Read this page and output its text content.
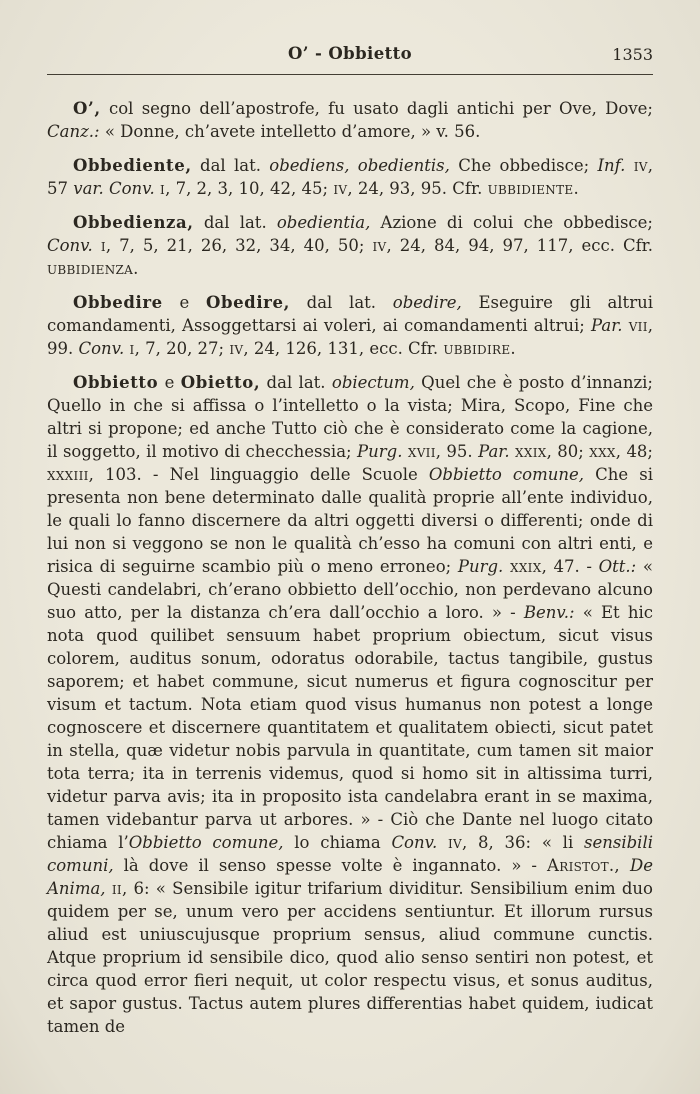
O’ - Obbietto	1353

O’, col segno dell’apostrofe, fu usato dagli antichi per Ove, Dove; Canz.: « Donne, ch’avete intelletto d’amore, » v. 56.

Obbediente, dal lat. obediens, obedientis, Che obbedisce; Inf. iv, 57 var. Conv. i, 7, 2, 3, 10, 42, 45; iv, 24, 93, 95. Cfr. ubbidiente.

Obbedienza, dal lat. obedientia, Azione di colui che obbedisce; Conv. i, 7, 5, 21, 26, 32, 34, 40, 50; iv, 24, 84, 94, 97, 117, ecc. Cfr. ubbidienza.

Obbedire e Obedire, dal lat. obedire, Eseguire gli altrui comandamenti, Assoggettarsi ai voleri, ai comandamenti altrui; Par. vii, 99. Conv. i, 7, 20, 27; iv, 24, 126, 131, ecc. Cfr. ubbidire.

Obbietto e Obietto, dal lat. obiectum, Quel che è posto d’innanzi; Quello in che si affissa o l’intelletto o la vista; Mira, Scopo, Fine che altri si propone; ed anche Tutto ciò che è considerato come la cagione, il soggetto, il motivo di checchessia; Purg. xvii, 95. Par. xxix, 80; xxx, 48; xxxiii, 103. - Nel linguaggio delle Scuole Obbietto comune, Che si presenta non bene determinato dalle qualità proprie all’ente individuo, le quali lo fanno discernere da altri oggetti diversi o differenti; onde di lui non si veggono se non le qualità ch’esso ha comuni con altri enti, e risica di seguirne scambio più o meno erroneo; Purg. xxix, 47. - Ott.: « Questi candelabri, ch’erano obbietto dell’occhio, non perdevano alcuno suo atto, per la distanza ch’era dall’occhio a loro. » - Benv.: « Et hic nota quod quilibet sensuum habet proprium obiectum, sicut visus colorem, auditus sonum, odoratus odorabile, tactus tangibile, gustus saporem; et habet commune, sicut numerus et figura cognoscitur per visum et tactum. Nota etiam quod visus humanus non potest a longe cognoscere et discernere quantitatem et qualitatem obiecti, sicut patet in stella, quæ videtur nobis parvula in quantitate, cum tamen sit maior tota terra; ita in terrenis videmus, quod si homo sit in altissima turri, videtur parva avis; ita in proposito ista candelabra erant in se maxima, tamen videbantur parva ut arbores. » - Ciò che Dante nel luogo citato chiama l’Obbietto comune, lo chiama Conv. iv, 8, 36: « li sensibili comuni, là dove il senso spesse volte è ingannato. » - Aristot., De Anima, ii, 6: « Sensibile igitur trifarium dividitur. Sensibilium enim duo quidem per se, unum vero per accidens sentiuntur. Et illorum rursus aliud est uniuscujusque proprium sensus, aliud commune cunctis. Atque proprium id sensibile dico, quod alio senso sentiri non potest, et circa quod error fieri nequit, ut color respectu visus, et sonus auditus, et sapor gustus. Tactus autem plures differentias habet quidem, iudicat tamen de
